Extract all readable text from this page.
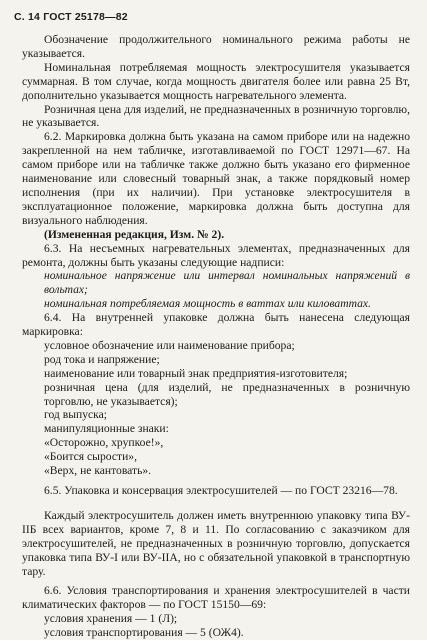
С. 14 ГОСТ 25178—82

Обозначение продолжительного номинального режима работы не указывается.

Номинальная потребляемая мощность электросушителя указывается суммарная. В том случае, когда мощность двигателя более или равна 25 Вт, дополнительно указывается мощность нагревательного элемента.

Розничная цена для изделий, не предназначенных в розничную торговлю, не указывается.

6.2. Маркировка должна быть указана на самом приборе или на надежно закрепленной на нем табличке, изготавливаемой по ГОСТ 12971—67. На самом приборе или на табличке также должно быть указано его фирменное наименование или словесный товарный знак, а также порядковый номер исполнения (при их наличии). При установке электросушителя в эксплуатационное положение, маркировка должна быть доступна для визуального наблюдения.

(Измененная редакция, Изм. № 2).

6.3. На несъемных нагревательных элементах, предназначенных для ремонта, должны быть указаны следующие надписи:

номинальное напряжение или интервал номинальных напряжений в вольтах;

номинальная потребляемая мощность в ваттах или киловаттах.

6.4. На внутренней упаковке должна быть нанесена следующая маркировка:

условное обозначение или наименование прибора;

род тока и напряжение;

наименование или товарный знак предприятия-изготовителя;

розничная цена (для изделий, не предназначенных в розничную торговлю, не указывается);

год выпуска;

манипуляционные знаки:

«Осторожно, хрупкое!»,

«Боится сырости»,

«Верх, не кантовать».

6.5. Упаковка и консервация электросушителей — по ГОСТ 23216—78.

Каждый электросушитель должен иметь внутреннюю упаковку типа ВУ-IIБ всех вариантов, кроме 7, 8 и 11. По согласованию с заказчиком для электросушителей, не предназначенных в розничную торговлю, допускается упаковка типа ВУ-I или ВУ-IIА, но с обязательной упаковкой в транспортную тару.

6.6. Условия транспортирования и хранения электросушителей в части климатических факторов — по ГОСТ 15150—69:

условия хранения — 1 (Л);

условия транспортирования — 5 (ОЖ4).
